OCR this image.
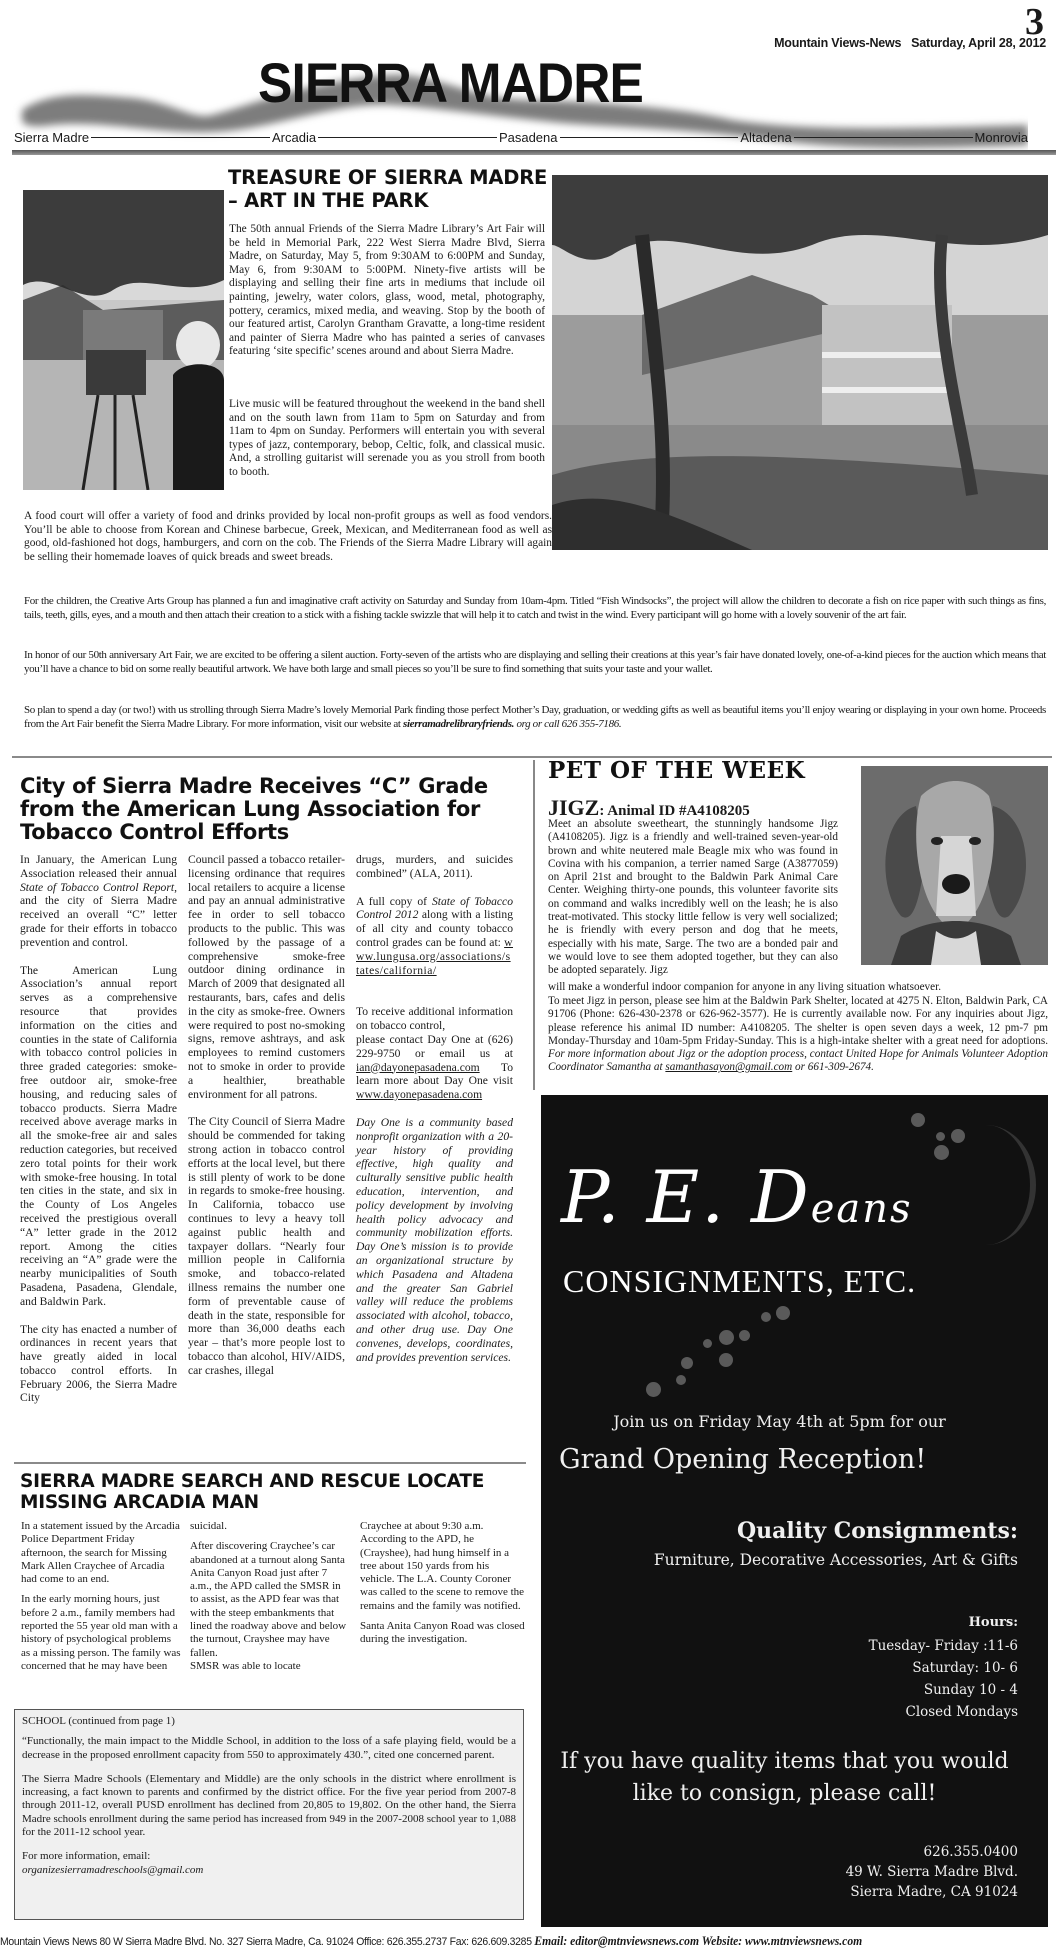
3
Mountain Views-News Saturday, April 28, 2012
SIERRA MADRE
Sierra Madre	Arcadia	Pasadena	Altadena	Monrovia
TREASURE OF SIERRA MADRE – ART IN THE PARK

The 50th annual Friends of the Sierra Madre Library’s Art Fair will be held in Memorial Park, 222 West Sierra Madre Blvd, Sierra Madre, on Saturday, May 5, from 9:30AM to 6:00PM and Sunday, May 6, from 9:30AM to 5:00PM. Ninety-five artists will be displaying and selling their fine arts in mediums that include oil painting, jewelry, water colors, glass, wood, metal, photography, pottery, ceramics, mixed media, and weaving. Stop by the booth of our featured artist, Carolyn Grantham Gravatte, a long-time resident and painter of Sierra Madre who has painted a series of canvases featuring ‘site specific’ scenes around and about Sierra Madre.

Live music will be featured throughout the weekend in the band shell and on the south lawn from 11am to 5pm on Saturday and from 11am to 4pm on Sunday. Performers will entertain you with several types of jazz, contemporary, bebop, Celtic, folk, and classical music. And, a strolling guitarist will serenade you as you stroll from booth to booth.

A food court will offer a variety of food and drinks provided by local non-profit groups as well as food vendors. You’ll be able to choose from Korean and Chinese barbecue, Greek, Mexican, and Mediterranean food as well as good, old-fashioned hot dogs, hamburgers, and corn on the cob. The Friends of the Sierra Madre Library will again be selling their homemade loaves of quick breads and sweet breads.

For the children, the Creative Arts Group has planned a fun and imaginative craft activity on Saturday and Sunday from 10am-4pm. Titled “Fish Windsocks”, the project will allow the children to decorate a fish on rice paper with such things as fins, tails, teeth, gills, eyes, and a mouth and then attach their creation to a stick with a fishing tackle swizzle that will help it to catch and twist in the wind. Every participant will go home with a lovely souvenir of the art fair.

In honor of our 50th anniversary Art Fair, we are excited to be offering a silent auction. Forty-seven of the artists who are displaying and selling their creations at this year’s fair have donated lovely, one-of-a-kind pieces for the auction which means that you’ll have a chance to bid on some really beautiful artwork. We have both large and small pieces so you’ll be sure to find something that suits your taste and your wallet.

So plan to spend a day (or two!) with us strolling through Sierra Madre’s lovely Memorial Park finding those perfect Mother’s Day, graduation, or wedding gifts as well as beautiful items you’ll enjoy wearing or displaying in your own home. Proceeds from the Art Fair benefit the Sierra Madre Library. For more information, visit our website at sierramadrelibraryfriends. org or call 626 355-7186.

City of Sierra Madre Receives “C” Grade from the American Lung Association for Tobacco Control Efforts

In January, the American Lung Association released their annual State of Tobacco Control Report, and the city of Sierra Madre received an overall “C” letter grade for their efforts in tobacco prevention and control.

The American Lung Association’s annual report serves as a comprehensive resource that provides information on the cities and counties in the state of California with tobacco control policies in three graded categories: smoke-free outdoor air, smoke-free housing, and reducing sales of tobacco products. Sierra Madre received above average marks in all the smoke-free air and sales reduction categories, but received zero total points for their work with smoke-free housing. In total ten cities in the state, and six in the County of Los Angeles received the prestigious overall “A” letter grade in the 2012 report. Among the cities receiving an “A” grade were the nearby municipalities of South Pasadena, Pasadena, Glendale, and Baldwin Park.

The city has enacted a number of ordinances in recent years that have greatly aided in local tobacco control efforts. In February 2006, the Sierra Madre City

Council passed a tobacco retailer-licensing ordinance that requires local retailers to acquire a license and pay an annual administrative fee in order to sell tobacco products to the public. This was followed by the passage of a comprehensive smoke-free outdoor dining ordinance in March of 2009 that designated all restaurants, bars, cafes and delis in the city as smoke-free. Owners were required to post no-smoking signs, remove ashtrays, and ask employees to remind customers not to smoke in order to provide a healthier, breathable environment for all patrons.

The City Council of Sierra Madre should be commended for taking strong action in tobacco control efforts at the local level, but there is still plenty of work to be done in regards to smoke-free housing. In California, tobacco use continues to levy a heavy toll against public health and taxpayer dollars. “Nearly four million people in California smoke, and tobacco-related illness remains the number one form of preventable cause of death in the state, responsible for more than 36,000 deaths each year – that’s more people lost to tobacco than alcohol, HIV/AIDS, car crashes, illegal

drugs, murders, and suicides combined” (ALA, 2011).

A full copy of State of Tobacco Control 2012 along with a listing of all city and county tobacco control grades can be found at: www.lungusa.org/associations/states/california/

To receive additional information on tobacco control,

please contact Day One at (626) 229-9750 or email us at ian@dayonepasadena.com To learn more about Day One visit www.dayonepasadena.com

Day One is a community based nonprofit organization with a 20-year history of providing effective, high quality and culturally sensitive public health education, intervention, and policy development by involving health policy advocacy and community mobilization efforts. Day One’s mission is to provide an organizational structure by which Pasadena and Altadena and the greater San Gabriel valley will reduce the problems associated with alcohol, tobacco, and other drug use. Day One convenes, develops, coordinates, and provides prevention services.

PET OF THE WEEK
JIGZ: Animal ID #A4108205

Meet an absolute sweetheart, the stunningly handsome Jigz (A4108205). Jigz is a friendly and well-trained seven-year-old brown and white neutered male Beagle mix who was found in Covina with his companion, a terrier named Sarge (A3877059) on April 21st and brought to the Baldwin Park Animal Care Center. Weighing thirty-one pounds, this volunteer favorite sits on command and walks incredibly well on the leash; he is also treat-motivated. This stocky little fellow is very well socialized; he is friendly with every person and dog that he meets, especially with his mate, Sarge. The two are a bonded pair and we would love to see them adopted together, but they can also be adopted separately. Jigz

will make a wonderful indoor companion for anyone in any living situation whatsoever.

To meet Jigz in person, please see him at the Baldwin Park Shelter, located at 4275 N. Elton, Baldwin Park, CA 91706 (Phone: 626-430-2378 or 626-962-3577). He is currently available now. For any inquiries about Jigz, please reference his animal ID number: A4108205. The shelter is open seven days a week, 12 pm-7 pm Monday-Thursday and 10am-5pm Friday-Sunday. This is a high-intake shelter with a great need for adoptions. For more information about Jigz or the adoption process, contact United Hope for Animals Volunteer Adoption Coordinator Samantha at samanthasayon@gmail.com or 661-309-2674.

P. E. Deans
CONSIGNMENTS, ETC.
Join us on Friday May 4th at 5pm for our
Grand Opening Reception!
Quality Consignments:
Furniture, Decorative Accessories, Art & Gifts
Hours:
Tuesday- Friday :11-6
Saturday: 10- 6
Sunday 10 - 4
Closed Mondays
If you have quality items that you would like to consign, please call!
626.355.0400
49 W. Sierra Madre Blvd.
Sierra Madre, CA 91024
SIERRA MADRE SEARCH AND RESCUE LOCATE MISSING ARCADIA MAN

In a statement issued by the Arcadia Police Department Friday afternoon, the search for Missing Mark Allen Craychee of Arcadia had come to an end.

In the early morning hours, just before 2 a.m., family members had reported the 55 year old man with a history of psychological problems as a missing person. The family was concerned that he may have been

suicidal.

After discovering Craychee’s car abandoned at a turnout along Santa Anita Canyon Road just after 7 a.m., the APD called the SMSR in to assist, as the APD fear was that with the steep embankments that lined the roadway above and below the turnout, Crayshee may have fallen.

SMSR was able to locate

Craychee at about 9:30 a.m. According to the APD, he (Crayshee), had hung himself in a tree about 150 yards from his vehicle. The L.A. County Coroner was called to the scene to remove the remains and the family was notified.

Santa Anita Canyon Road was closed during the investigation.

SCHOOL (continued from page 1)

“Functionally, the main impact to the Middle School, in addition to the loss of a safe playing field, would be a decrease in the proposed enrollment capacity from 550 to approximately 430.”, cited one concerned parent.

The Sierra Madre Schools (Elementary and Middle) are the only schools in the district where enrollment is increasing, a fact known to parents and confirmed by the district office. For the five year period from 2007-8 through 2011-12, overall PUSD enrollment has declined from 20,805 to 19,802. On the other hand, the Sierra Madre schools enrollment during the same period has increased from 949 in the 2007-2008 school year to 1,088 for the 2011-12 school year.

For more information, email:
organizesierramadreschools@gmail.com

Mountain Views News 80 W Sierra Madre Blvd. No. 327 Sierra Madre, Ca. 91024 Office: 626.355.2737 Fax: 626.609.3285 Email: editor@mtnviewsnews.com Website: www.mtnviewsnews.com
